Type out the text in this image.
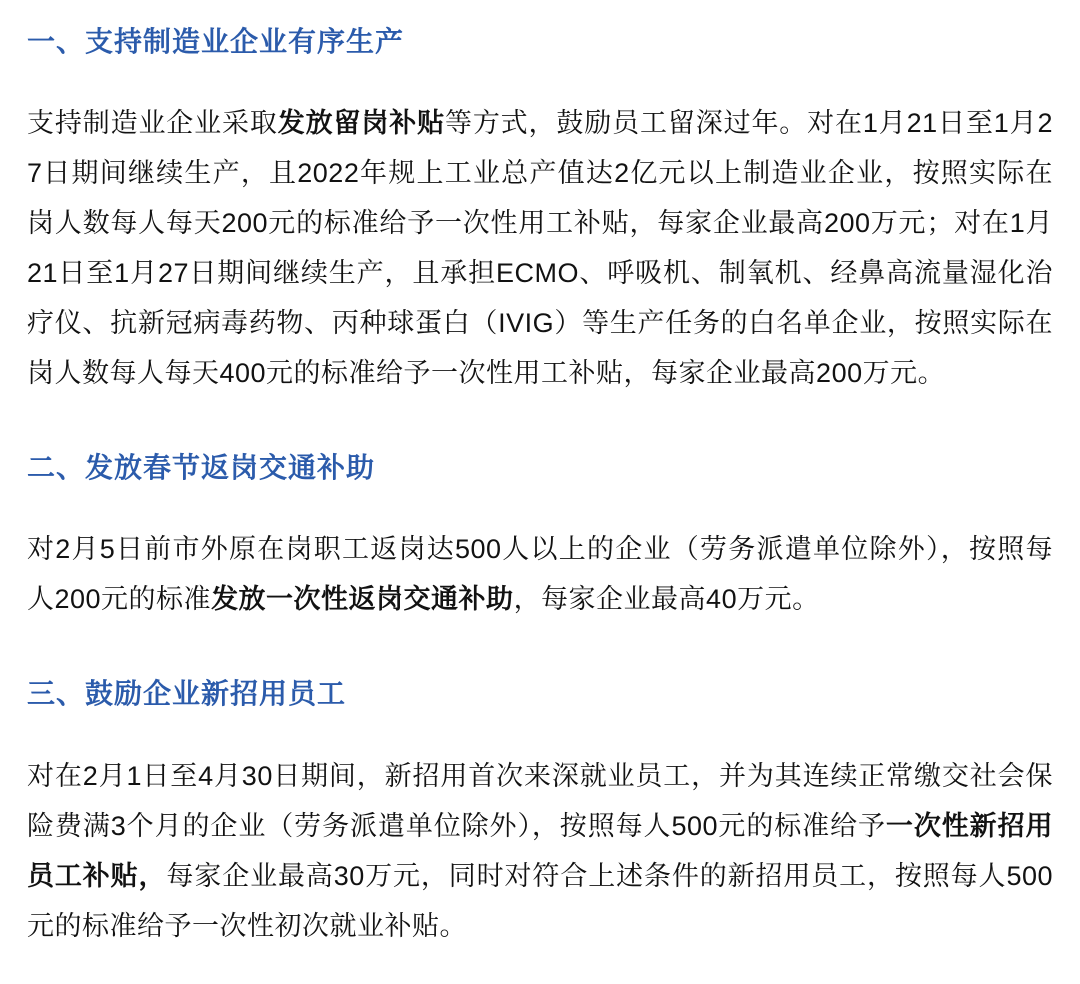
一、支持制造业企业有序生产

支持制造业企业采取发放留岗补贴等方式，鼓励员工留深过年。对在1月21日至1月27日期间继续生产，且2022年规上工业总产值达2亿元以上制造业企业，按照实际在岗人数每人每天200元的标准给予一次性用工补贴，每家企业最高200万元；对在1月21日至1月27日期间继续生产，且承担ECMO、呼吸机、制氧机、经鼻高流量湿化治疗仪、抗新冠病毒药物、丙种球蛋白（IVIG）等生产任务的白名单企业，按照实际在岗人数每人每天400元的标准给予一次性用工补贴，每家企业最高200万元。

二、发放春节返岗交通补助

对2月5日前市外原在岗职工返岗达500人以上的企业（劳务派遣单位除外），按照每人200元的标准发放一次性返岗交通补助，每家企业最高40万元。

三、鼓励企业新招用员工

对在2月1日至4月30日期间，新招用首次来深就业员工，并为其连续正常缴交社会保险费满3个月的企业（劳务派遣单位除外），按照每人500元的标准给予一次性新招用员工补贴，每家企业最高30万元，同时对符合上述条件的新招用员工，按照每人500元的标准给予一次性初次就业补贴。
